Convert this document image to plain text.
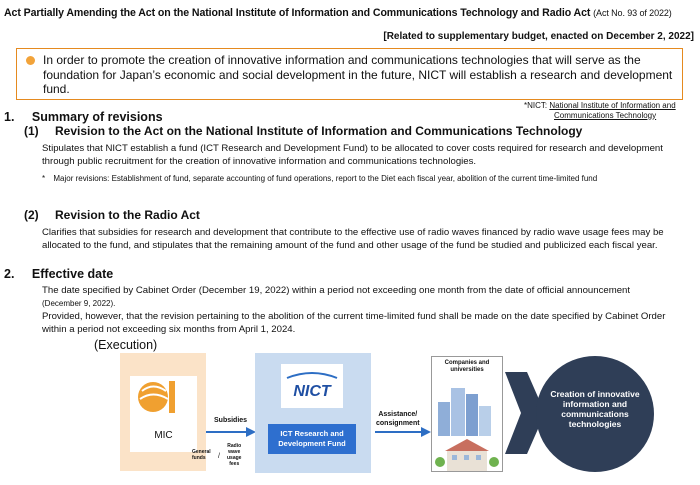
Act Partially Amending the Act on the National Institute of Information and Communications Technology and Radio Act (Act No. 93 of 2022)
[Related to supplementary budget, enacted on December 2, 2022]
In order to promote the creation of innovative information and communications technologies that will serve as the foundation for Japan’s economic and social development in the future, NICT will establish a research and development fund.
*NICT: National Institute of Information and
Communications Technology
1. Summary of revisions
(1) Revision to the Act on the National Institute of Information and Communications Technology
Stipulates that NICT establish a fund (ICT Research and Development Fund) to be allocated to cover costs required for research and development through public recruitment for the creation of innovative information and communications technologies.
* Major revisions: Establishment of fund, separate accounting of fund operations, report to the Diet each fiscal year, abolition of the current time-limited fund
(2) Revision to the Radio Act
Clarifies that subsidies for research and development that contribute to the effective use of radio waves financed by radio wave usage fees may be allocated to the fund, and stipulates that the remaining amount of the fund and other usage of the fund be studied and publicized each fiscal year.
2. Effective date
The date specified by Cabinet Order (December 19, 2022) within a period not exceeding one month from the date of official announcement (December 9, 2022).
Provided, however, that the revision pertaining to the abolition of the current time-limited fund shall be made on the date specified by Cabinet Order within a period not exceeding six months from April 1, 2024.
(Execution)
MIC
Subsidies
General
funds	/
Radio
wave
usage
fees
NICT
ICT Research and Development Fund
Assistance/
consignment
Companies and
universities
Creation of innovative information and communications technologies
